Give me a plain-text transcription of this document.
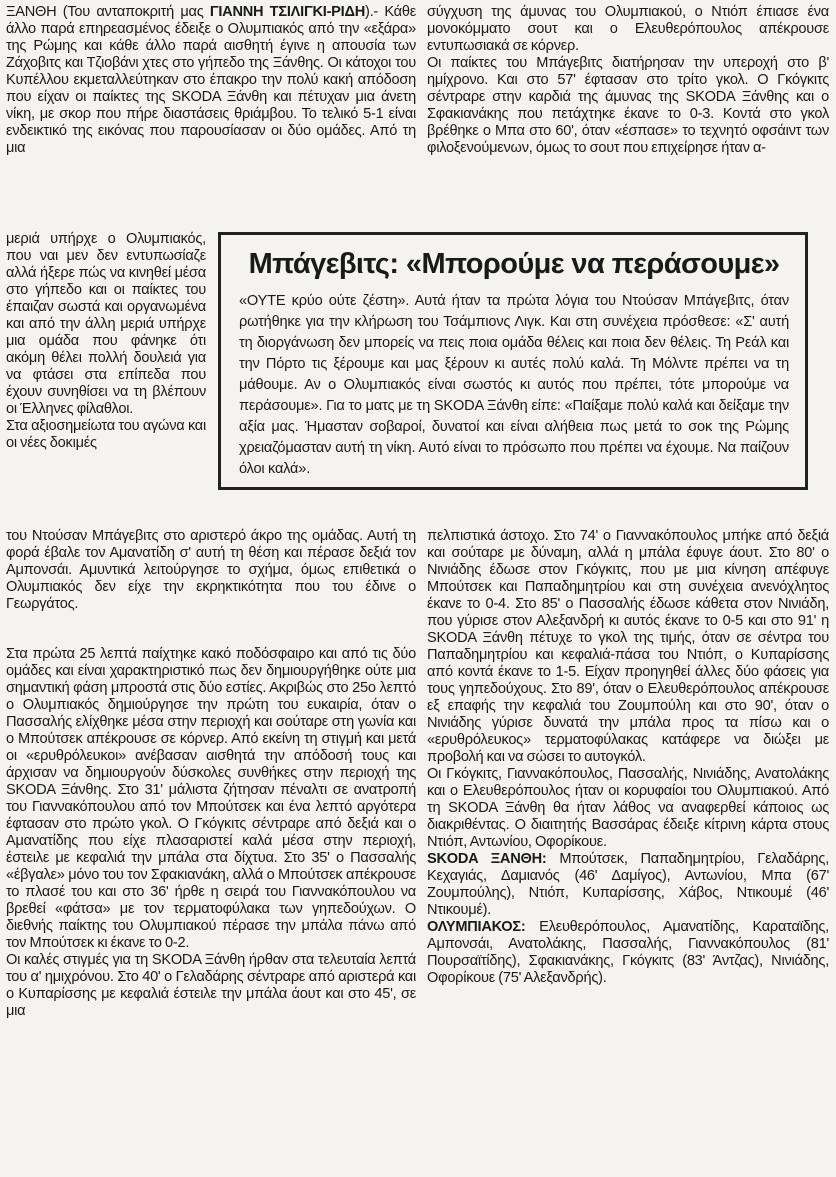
ΞΑΝΘΗ (Του ανταποκριτή μας ΓΙΑΝΝΗ ΤΣΙΛΙΓΚΙ-ΡΙΔΗ).- Κάθε άλλο παρά επηρεασμένος έδειξε ο Ολυμπιακός από την «εξάρα» της Ρώμης και κάθε άλλο παρά αισθητή έγινε η απουσία των Ζάχοβιτς και Τζιοβάνι χτες στο γήπεδο της Ξάνθης. Οι κάτοχοι του Κυπέλλου εκμεταλλεύτηκαν στο έπακρο την πολύ κακή απόδοση που είχαν οι παίκτες της SKODA Ξάνθη και πέτυχαν μια άνετη νίκη, με σκορ που πήρε διαστάσεις θριάμβου. Το τελικό 5-1 είναι ενδεικτικό της εικόνας που παρουσίασαν οι δύο ομάδες. Από τη μια

μεριά υπήρχε ο Ολυμπιακός, που ναι μεν δεν εντυπωσίαζε αλλά ήξερε πώς να κινηθεί μέσα στο γήπεδο και οι παίκτες του έπαιζαν σωστά και οργανωμένα και από την άλλη μεριά υπήρχε μια ομάδα που φάνηκε ότι ακόμη θέλει πολλή δουλειά για να φτάσει στα επίπεδα που έχουν συνηθίσει να τη βλέπουν οι Έλληνες φίλαθλοι.

Στα αξιοσημείωτα του αγώνα και οι νέες δοκιμές

του Ντούσαν Μπάγεβιτς στο αριστερό άκρο της ομάδας. Αυτή τη φορά έβαλε τον Αμανατίδη σ' αυτή τη θέση και πέρασε δεξιά τον Αμπονσάι. Αμυντικά λειτούργησε το σχήμα, όμως επιθετικά ο Ολυμπιακός δεν είχε την εκρηκτικότητα που του έδινε ο Γεωργάτος.

Στα πρώτα 25 λεπτά παίχτηκε κακό ποδόσφαιρο και από τις δύο ομάδες και είναι χαρακτηριστικό πως δεν δημιουργήθηκε ούτε μια σημαντική φάση μπροστά στις δύο εστίες. Ακριβώς στο 25ο λεπτό ο Ολυμπιακός δημιούργησε την πρώτη του ευκαιρία, όταν ο Πασσαλής ελίχθηκε μέσα στην περιοχή και σούταρε στη γωνία και ο Μπούτσεκ απέκρουσε σε κόρνερ. Από εκείνη τη στιγμή και μετά οι «ερυθρόλευκοι» ανέβασαν αισθητά την απόδοσή τους και άρχισαν να δημιουργούν δύσκολες συνθήκες στην περιοχή της SKODA Ξάνθης. Στο 31' μάλιστα ζήτησαν πέναλτι σε ανατροπή του Γιαννακόπουλου από τον Μπούτσεκ και ένα λεπτό αργότερα έφτασαν στο πρώτο γκολ. Ο Γκόγκιτς σέντραρε από δεξιά και ο Αμανατίδης που είχε πλασαριστεί καλά μέσα στην περιοχή, έστειλε με κεφαλιά την μπάλα στα δίχτυα. Στο 35' ο Πασσαλής «έβγαλε» μόνο του τον Σφακιανάκη, αλλά ο Μπούτσεκ απέκρουσε το πλασέ του και στο 36' ήρθε η σειρά του Γιαννακόπουλου να βρεθεί «φάτσα» με τον τερματοφύλακα των γηπεδούχων. Ο διεθνής παίκτης του Ολυμπιακού πέρασε την μπάλα πάνω από τον Μπούτσεκ κι έκανε το 0-2.

Οι καλές στιγμές για τη SKODA Ξάνθη ήρθαν στα τελευταία λεπτά του α' ημιχρόνου. Στο 40' ο Γελαδάρης σέντραρε από αριστερά και ο Κυπαρίσσης με κεφαλιά έστειλε την μπάλα άουτ και στο 45', σε μια

σύγχυση της άμυνας του Ολυμπιακού, ο Ντιόπ έπιασε ένα μονοκόμματο σουτ και ο Ελευθερόπουλος απέκρουσε εντυπωσιακά σε κόρνερ.

Οι παίκτες του Μπάγεβιτς διατήρησαν την υπεροχή στο β' ημίχρονο. Και στο 57' έφτασαν στο τρίτο γκολ. Ο Γκόγκιτς σέντραρε στην καρδιά της άμυνας της SKODA Ξάνθης και ο Σφακιανάκης που πετάχτηκε έκανε το 0-3. Κοντά στο γκολ βρέθηκε ο Μπα στο 60', όταν «έσπασε» το τεχνητό οφσάιντ των φιλοξενούμενων, όμως το σουτ που επιχείρησε ήταν α-

Μπάγεβιτς: «Μπορούμε να περάσουμε»

«ΟΥΤΕ κρύο ούτε ζέστη». Αυτά ήταν τα πρώτα λόγια του Ντούσαν Μπάγεβιτς, όταν ρωτήθηκε για την κλήρωση του Τσάμπιονς Λιγκ. Και στη συνέχεια πρόσθεσε: «Σ' αυτή τη διοργάνωση δεν μπορείς να πεις ποια ομάδα θέλεις και ποια δεν θέλεις. Τη Ρεάλ και την Πόρτο τις ξέρουμε και μας ξέρουν κι αυτές πολύ καλά. Τη Μόλντε πρέπει να τη μάθουμε. Αν ο Ολυμπιακός είναι σωστός κι αυτός που πρέπει, τότε μπορούμε να περάσουμε». Για το ματς με τη SKODA Ξάνθη είπε: «Παίξαμε πολύ καλά και δείξαμε την αξία μας. Ήμασταν σοβαροί, δυνατοί και είναι αλήθεια πως μετά το σοκ της Ρώμης χρειαζόμασταν αυτή τη νίκη. Αυτό είναι το πρόσωπο που πρέπει να έχουμε. Να παίζουν όλοι καλά».

πελπιστικά άστοχο. Στο 74' ο Γιαννακόπουλος μπήκε από δεξιά και σούταρε με δύναμη, αλλά η μπάλα έφυγε άουτ. Στο 80' ο Νινιάδης έδωσε στον Γκόγκιτς, που με μια κίνηση απέφυγε Μπούτσεκ και Παπαδημητρίου και στη συνέχεια ανενόχλητος έκανε το 0-4. Στο 85' ο Πασσαλής έδωσε κάθετα στον Νινιάδη, που γύρισε στον Αλεξανδρή κι αυτός έκανε το 0-5 και στο 91' η SKODA Ξάνθη πέτυχε το γκολ της τιμής, όταν σε σέντρα του Παπαδημητρίου και κεφαλιά-πάσα του Ντιόπ, ο Κυπαρίσσης από κοντά έκανε το 1-5. Είχαν προηγηθεί άλλες δύο φάσεις για τους γηπεδούχους. Στο 89', όταν ο Ελευθερόπουλος απέκρουσε εξ επαφής την κεφαλιά του Ζουμπούλη και στο 90', όταν ο Νινιάδης γύρισε δυνατά την μπάλα προς τα πίσω και ο «ερυθρόλευκος» τερματοφύλακας κατάφερε να διώξει με προβολή και να σώσει το αυτογκόλ.

Οι Γκόγκιτς, Γιαννακόπουλος, Πασσαλής, Νινιάδης, Ανατολάκης και ο Ελευθερόπουλος ήταν οι κορυφαίοι του Ολυμπιακού. Από τη SKODA Ξάνθη θα ήταν λάθος να αναφερθεί κάποιος ως διακριθέντας. Ο διαιτητής Βασσάρας έδειξε κίτρινη κάρτα στους Ντιόπ, Αντωνίου, Οφορίκουε.

SKODA ΞΑΝΘΗ: Μπούτσεκ, Παπαδημητρίου, Γελαδάρης, Κεχαγιάς, Δαμιανός (46' Δαμίγος), Αντωνίου, Μπα (67' Ζουμπούλης), Ντιόπ, Κυπαρίσσης, Χάβος, Ντικουμέ (46' Ντικουμέ).

ΟΛΥΜΠΙΑΚΟΣ: Ελευθερόπουλος, Αμανατίδης, Καραταϊδης, Αμπονσάι, Ανατολάκης, Πασσαλής, Γιαννακόπουλος (81' Πουρσαϊτίδης), Σφακιανάκης, Γκόγκιτς (83' Άντζας), Νινιάδης, Οφορίκουε (75' Αλεξανδρής).
